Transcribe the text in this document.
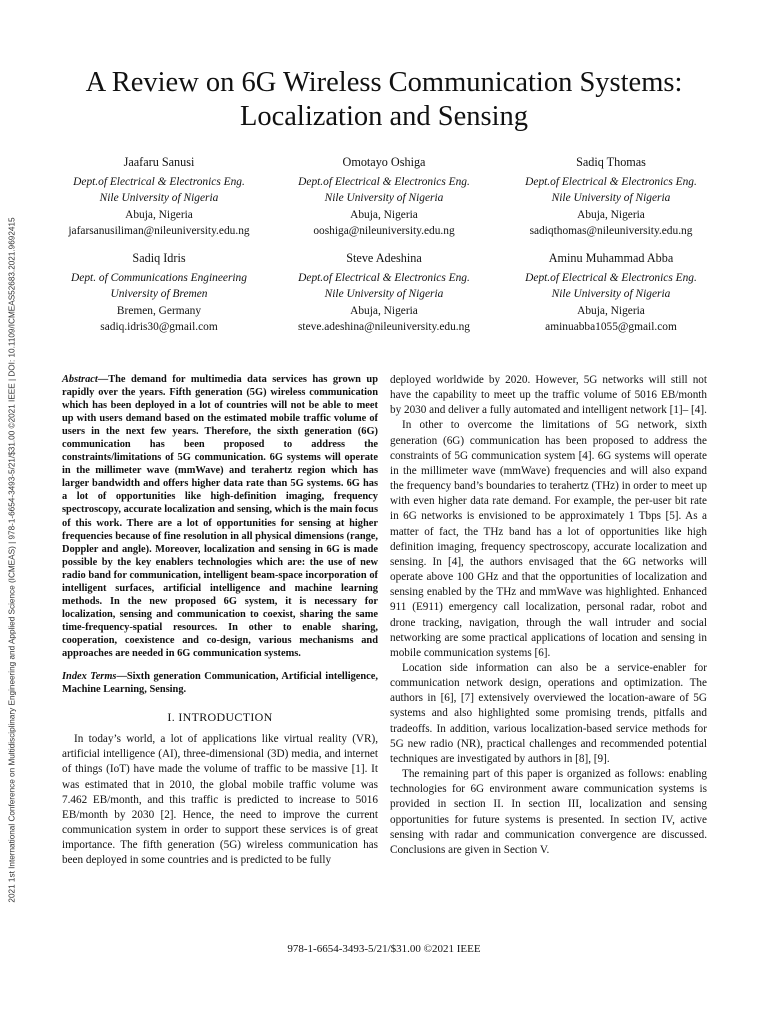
2021 1st International Conference on Multidisciplinary Engineering and Applied Science (ICMEAS) | 978-1-6654-3493-5/21/$31.00 ©2021 IEEE | DOI: 10.1109/ICMEAS52683.2021.9692415
A Review on 6G Wireless Communication Systems: Localization and Sensing
Jaafaru Sanusi
Dept.of Electrical & Electronics Eng.
Nile University of Nigeria
Abuja, Nigeria
jafarsanusiliman@nileuniversity.edu.ng
Omotayo Oshiga
Dept.of Electrical & Electronics Eng.
Nile University of Nigeria
Abuja, Nigeria
ooshiga@nileuniversity.edu.ng
Sadiq Thomas
Dept.of Electrical & Electronics Eng.
Nile University of Nigeria
Abuja, Nigeria
sadiqthomas@nileuniversity.edu.ng
Sadiq Idris
Dept. of Communications Engineering
University of Bremen
Bremen, Germany
sadiq.idris30@gmail.com
Steve Adeshina
Dept.of Electrical & Electronics Eng.
Nile University of Nigeria
Abuja, Nigeria
steve.adeshina@nileuniversity.edu.ng
Aminu Muhammad Abba
Dept.of Electrical & Electronics Eng.
Nile University of Nigeria
Abuja, Nigeria
aminuabba1055@gmail.com

Abstract—The demand for multimedia data services has grown up rapidly over the years. Fifth generation (5G) wireless communication which has been deployed in a lot of countries will not be able to meet up with users demand based on the estimated mobile traffic volume of users in the next few years. Therefore, the sixth generation (6G) communication has been proposed to address the constraints/limitations of 5G communication. 6G systems will operate in the millimeter wave (mmWave) and terahertz region which has larger bandwidth and offers higher data rate than 5G systems. 6G has a lot of opportunities like high-definition imaging, frequency spectroscopy, accurate localization and sensing, which is the main focus of this work. There are a lot of opportunities for sensing at higher frequencies because of fine resolution in all physical dimensions (range, Doppler and angle). Moreover, localization and sensing in 6G is made possible by the key enablers technologies which are: the use of new radio band for communication, intelligent beam-space incorporation of intelligent surfaces, artificial intelligence and machine learning methods. In the new proposed 6G system, it is necessary for localization, sensing and communication to coexist, sharing the same time-frequency-spatial resources. In other to enable sharing, cooperation, coexistence and co-design, various mechanisms and approaches are needed in 6G communication systems.

Index Terms—Sixth generation Communication, Artificial intelligence, Machine Learning, Sensing.

I. INTRODUCTION

In today’s world, a lot of applications like virtual reality (VR), artificial intelligence (AI), three-dimensional (3D) media, and internet of things (IoT) have made the volume of traffic to be massive [1]. It was estimated that in 2010, the global mobile traffic volume was 7.462 EB/month, and this traffic is predicted to increase to 5016 EB/month by 2030 [2]. Hence, the need to improve the current communication system in order to support these services is of great importance. The fifth generation (5G) wireless communication has been deployed in some countries and is predicted to be fully

deployed worldwide by 2020. However, 5G networks will still not have the capability to meet up the traffic volume of 5016 EB/month by 2030 and deliver a fully automated and intelligent network [1]– [4].

In other to overcome the limitations of 5G network, sixth generation (6G) communication has been proposed to address the constraints of 5G communication system [4]. 6G systems will operate in the millimeter wave (mmWave) frequencies and will also expand the frequency band’s boundaries to terahertz (THz) in order to meet up with even higher data rate demand. For example, the per-user bit rate in 6G networks is envisioned to be approximately 1 Tbps [5]. As a matter of fact, the THz band has a lot of opportunities like high definition imaging, frequency spectroscopy, accurate localization and sensing. In [4], the authors envisaged that the 6G networks will operate above 100 GHz and that the opportunities of localization and sensing enabled by the THz and mmWave was highlighted. Enhanced 911 (E911) emergency call localization, personal radar, robot and drone tracking, navigation, through the wall intruder and social networking are some practical applications of location and sensing in mobile communication systems [6].

Location side information can also be a service-enabler for communication network design, operations and optimization. The authors in [6], [7] extensively overviewed the location-aware of 5G systems and also highlighted some promising trends, pitfalls and tradeoffs. In addition, various localization-based service methods for 5G new radio (NR), practical challenges and recommended potential techniques are investigated by authors in [8], [9].

The remaining part of this paper is organized as follows: enabling technologies for 6G environment aware communication systems is provided in section II. In section III, localization and sensing opportunities for future systems is presented. In section IV, active sensing with radar and communication convergence are discussed. Conclusions are given in Section V.

978-1-6654-3493-5/21/$31.00 ©2021 IEEE
